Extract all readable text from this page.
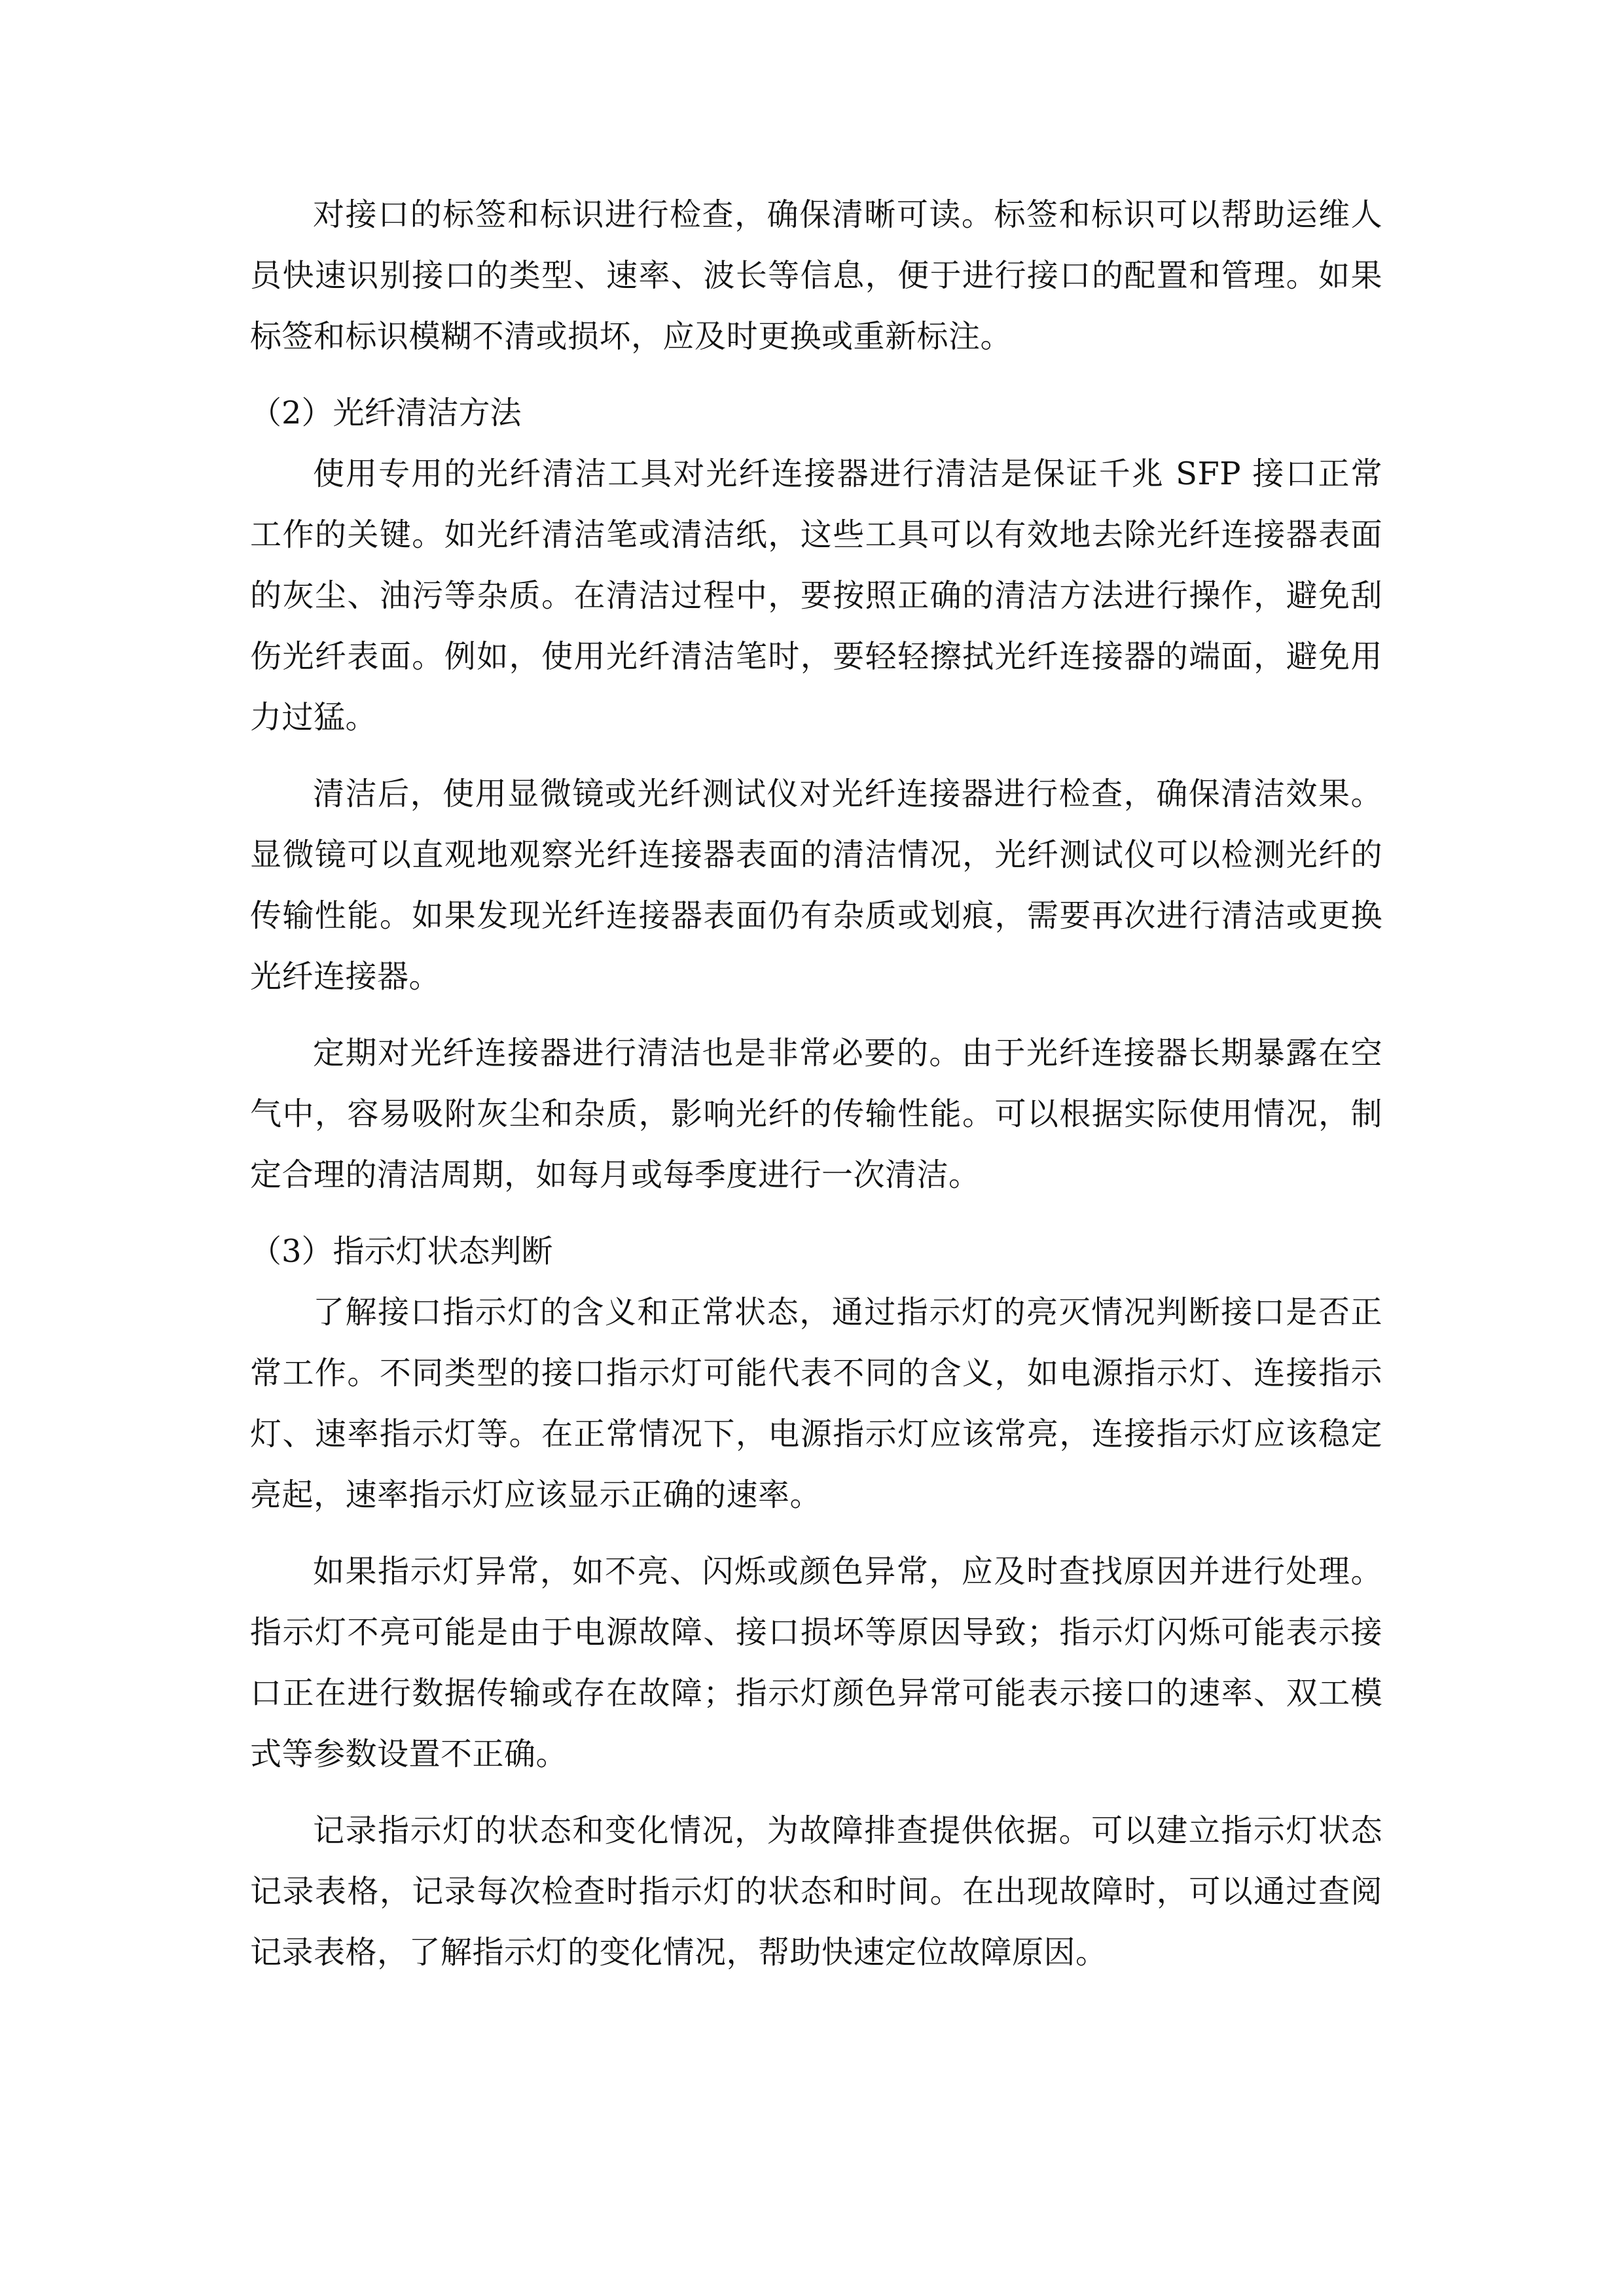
对接口的标签和标识进行检查，确保清晰可读。标签和标识可以帮助运维人员快速识别接口的类型、速率、波长等信息，便于进行接口的配置和管理。如果标签和标识模糊不清或损坏，应及时更换或重新标注。

（2）光纤清洁方法

使用专用的光纤清洁工具对光纤连接器进行清洁是保证千兆 SFP 接口正常工作的关键。如光纤清洁笔或清洁纸，这些工具可以有效地去除光纤连接器表面的灰尘、油污等杂质。在清洁过程中，要按照正确的清洁方法进行操作，避免刮伤光纤表面。例如，使用光纤清洁笔时，要轻轻擦拭光纤连接器的端面，避免用力过猛。

清洁后，使用显微镜或光纤测试仪对光纤连接器进行检查，确保清洁效果。显微镜可以直观地观察光纤连接器表面的清洁情况，光纤测试仪可以检测光纤的传输性能。如果发现光纤连接器表面仍有杂质或划痕，需要再次进行清洁或更换光纤连接器。

定期对光纤连接器进行清洁也是非常必要的。由于光纤连接器长期暴露在空气中，容易吸附灰尘和杂质，影响光纤的传输性能。可以根据实际使用情况，制定合理的清洁周期，如每月或每季度进行一次清洁。

（3）指示灯状态判断

了解接口指示灯的含义和正常状态，通过指示灯的亮灭情况判断接口是否正常工作。不同类型的接口指示灯可能代表不同的含义，如电源指示灯、连接指示灯、速率指示灯等。在正常情况下，电源指示灯应该常亮，连接指示灯应该稳定亮起，速率指示灯应该显示正确的速率。

如果指示灯异常，如不亮、闪烁或颜色异常，应及时查找原因并进行处理。指示灯不亮可能是由于电源故障、接口损坏等原因导致；指示灯闪烁可能表示接口正在进行数据传输或存在故障；指示灯颜色异常可能表示接口的速率、双工模式等参数设置不正确。

记录指示灯的状态和变化情况，为故障排查提供依据。可以建立指示灯状态记录表格，记录每次检查时指示灯的状态和时间。在出现故障时，可以通过查阅记录表格，了解指示灯的变化情况，帮助快速定位故障原因。
